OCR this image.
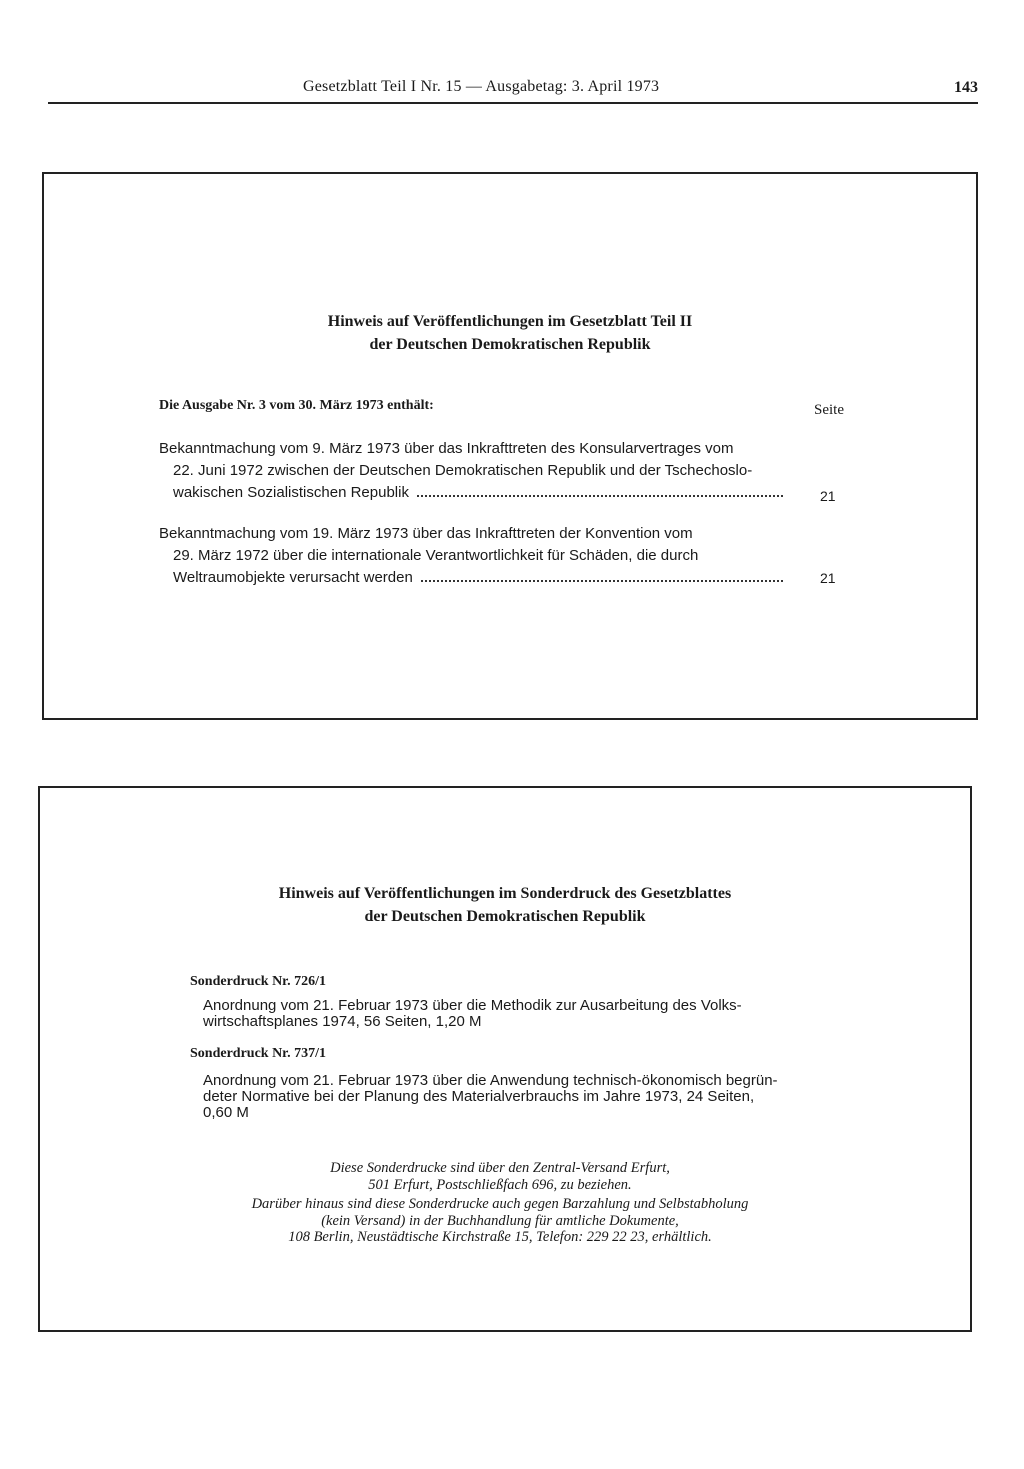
Gesetzblatt Teil I Nr. 15 — Ausgabetag: 3. April 1973	143
Hinweis auf Veröffentlichungen im Gesetzblatt Teil II
der Deutschen Demokratischen Republik
Die Ausgabe Nr. 3 vom 30. März 1973 enthält:	Seite
Bekanntmachung vom 9. März 1973 über das Inkrafttreten des Konsularvertrages vom
22. Juni 1972 zwischen der Deutschen Demokratischen Republik und der Tschechoslo-
wakischen Sozialistischen Republik	21
Bekanntmachung vom 19. März 1973 über das Inkrafttreten der Konvention vom
29. März 1972 über die internationale Verantwortlichkeit für Schäden, die durch
Weltraumobjekte verursacht werden	21
Hinweis auf Veröffentlichungen im Sonderdruck des Gesetzblattes
der Deutschen Demokratischen Republik
Sonderdruck Nr. 726/1
Anordnung vom 21. Februar 1973 über die Methodik zur Ausarbeitung des Volks-
wirtschaftsplanes 1974, 56 Seiten, 1,20 M
Sonderdruck Nr. 737/1
Anordnung vom 21. Februar 1973 über die Anwendung technisch-ökonomisch begrün-
deter Normative bei der Planung des Materialverbrauchs im Jahre 1973, 24 Seiten,
0,60 M
Diese Sonderdrucke sind über den Zentral-Versand Erfurt,
501 Erfurt, Postschließfach 696, zu beziehen.
Darüber hinaus sind diese Sonderdrucke auch gegen Barzahlung und Selbstabholung
(kein Versand) in der Buchhandlung für amtliche Dokumente,
108 Berlin, Neustädtische Kirchstraße 15, Telefon: 229 22 23, erhältlich.
